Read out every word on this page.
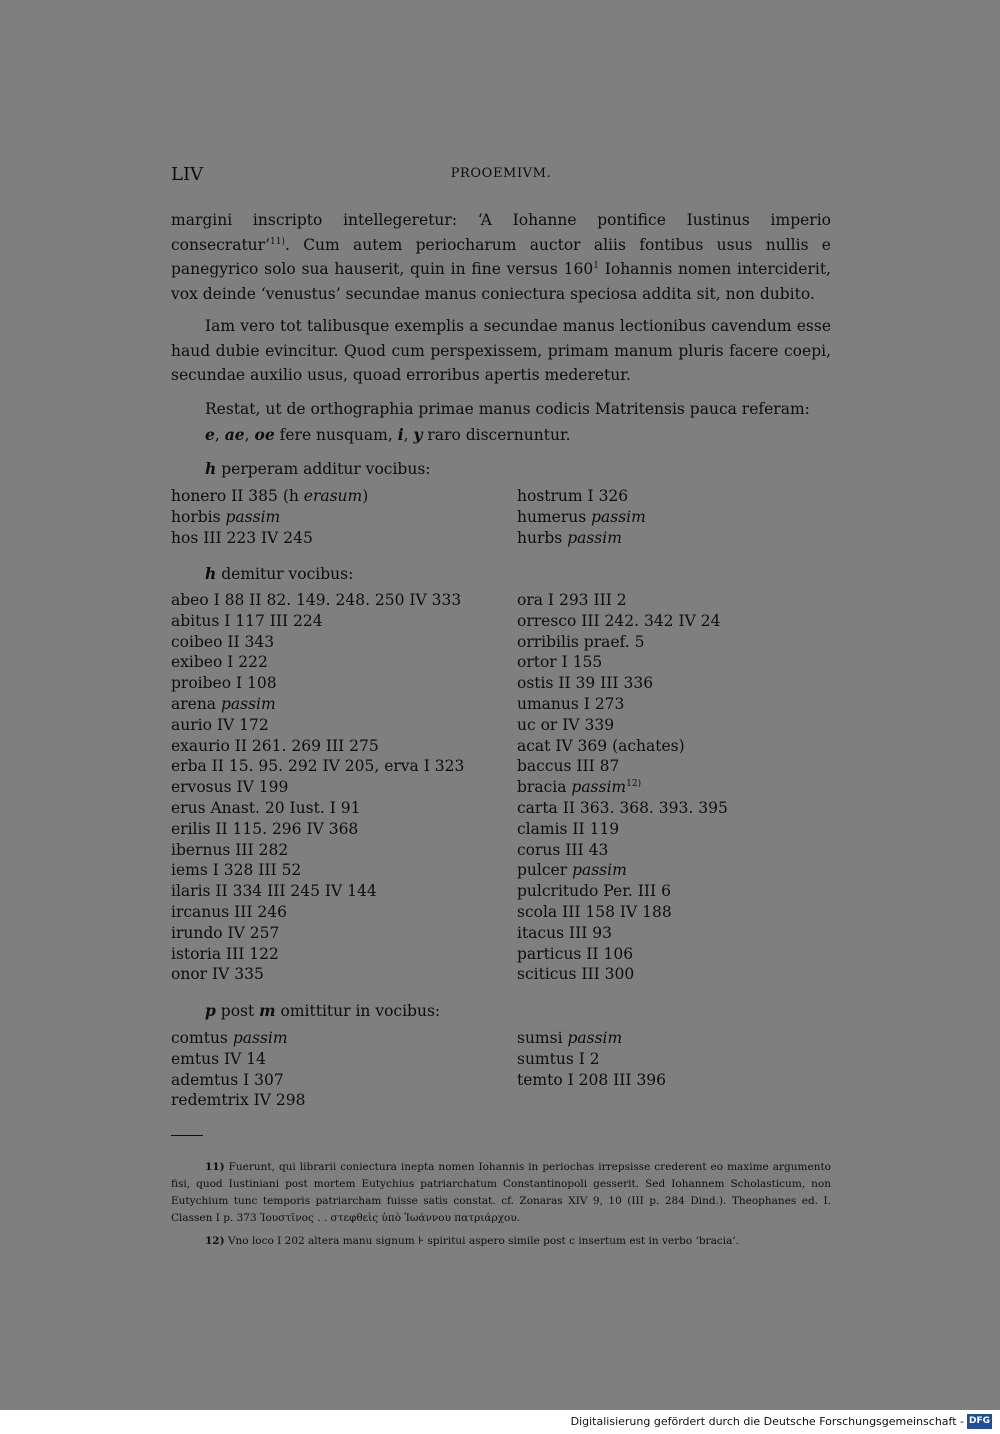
LIV	PROOEMIVM.
margini inscripto intellegeretur: ‘A Iohanne pontifice Iustinus imperio consecratur’$^{11)}$. Cum autem periocharum auctor aliis fontibus usus nullis e panegyrico solo sua hauserit, quin in fine versus $160^1$ Iohannis nomen interciderit, vox deinde ‘venustus’ secundae manus coniectura speciosa addita sit, non dubito.
Iam vero tot talibusque exemplis a secundae manus lectionibus cavendum esse haud dubie evincitur. Quod cum perspexissem, primam manum pluris facere coepi, secundae auxilio usus, quoad erroribus apertis mederetur.
Restat, ut de orthographia primae manus codicis Matritensis pauca referam:
e, ae, oe fere nusquam, i, y raro discernuntur.
h perperam additur vocibus:
honero II 385 (h erasum)
horbis passim
hos III 223 IV 245
hostrum I 326
humerus passim
hurbs passim
h demitur vocibus:
abeo I 88 II 82. 149. 248. 250 IV 333
abitus I 117 III 224
coibeo II 343
exibeo I 222
proibeo I 108
arena passim
aurio IV 172
exaurio II 261. 269 III 275
erba II 15. 95. 292 IV 205, erva I 323
ervosus IV 199
erus Anast. 20 Iust. I 91
erilis II 115. 296 IV 368
ibernus III 282
iems I 328 III 52
ilaris II 334 III 245 IV 144
ircanus III 246
irundo IV 257
istoria III 122
onor IV 335
ora I 293 III 2
orresco III 242. 342 IV 24
orribilis praef. 5
ortor I 155
ostis II 39 III 336
umanus I 273
uc or IV 339
acat IV 369 (achates)
baccus III 87
bracia passim$^{12)}$
carta II 363. 368. 393. 395
clamis II 119
corus III 43
pulcer passim
pulcritudo Per. III 6
scola III 158 IV 188
itacus III 93
particus II 106
sciticus III 300
p post m omittitur in vocibus:
comtus passim
emtus IV 14
ademtus I 307
redemtrix IV 298
sumsi passim
sumtus I 2
temto I 208 III 396
11) Fuerunt, qui librarii coniectura inepta nomen Iohannis in periochas irrepsisse crederent eo maxime argumento fisi, quod Iustiniani post mortem Eutychius patriarchatum Constantinopoli gesserit. Sed Iohannem Scholasticum, non Eutychium tunc temporis patriarcham fuisse satis constat. cf. Zonaras XIV 9, 10 (III p. 284 Dind.). Theophanes ed. I. Classen I p. 373 Ἰουστῖνος . . στεφθεὶς ὑπὸ Ἰωάννου πατριάρχου.
12) Vno loco I 202 altera manu signum ⊦ spiritui aspero simile post c insertum est in verbo ‘bracia’.
Digitalisierung gefördert durch die Deutsche Forschungsgemeinschaft - DFG
